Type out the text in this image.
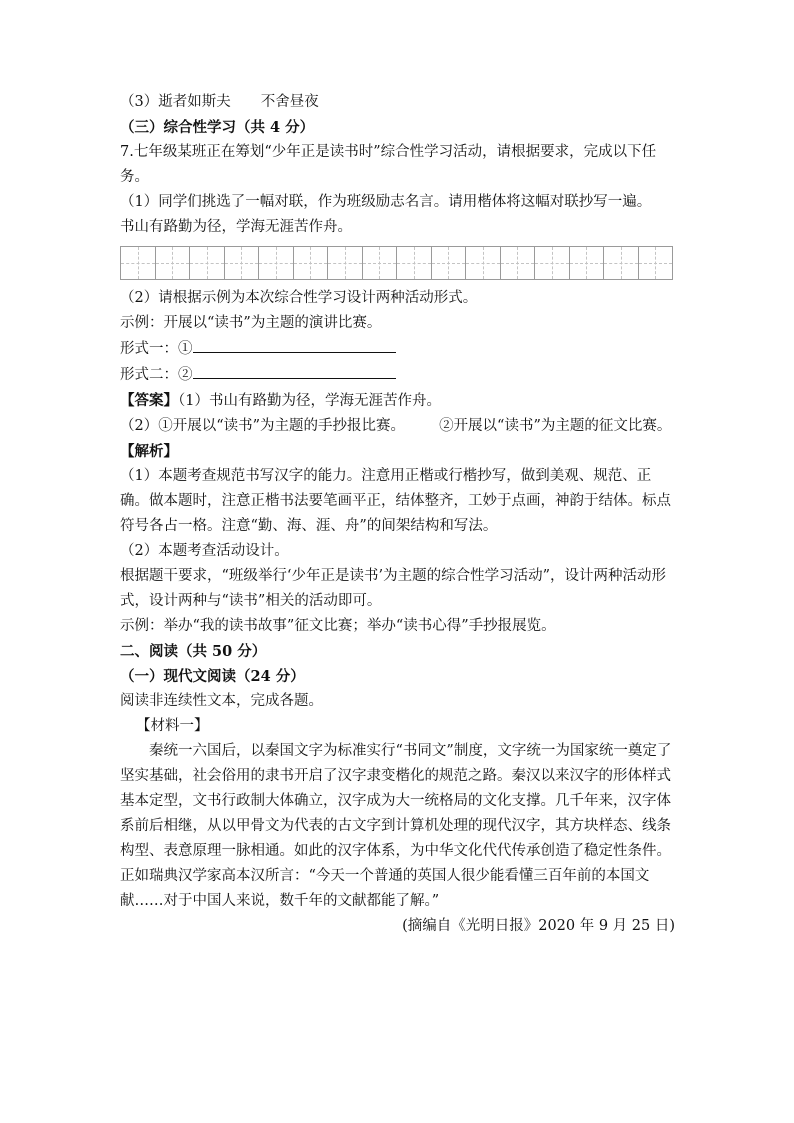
（3）逝者如斯夫 不舍昼夜
（三）综合性学习（共 4 分）
7.七年级某班正在筹划“少年正是读书时”综合性学习活动，请根据要求，完成以下任务。
（1）同学们挑选了一幅对联，作为班级励志名言。请用楷体将这幅对联抄写一遍。
书山有路勤为径，学海无涯苦作舟。
（2）请根据示例为本次综合性学习设计两种活动形式。
示例：开展以“读书”为主题的演讲比赛。
形式一：①
形式二：②
【答案】（1）书山有路勤为径，学海无涯苦作舟。
（2）①开展以“读书”为主题的手抄报比赛。 ②开展以“读书”为主题的征文比赛。
【解析】
（1）本题考查规范书写汉字的能力。注意用正楷或行楷抄写，做到美观、规范、正确。做本题时，注意正楷书法要笔画平正，结体整齐，工妙于点画，神韵于结体。标点符号各占一格。注意“勤、海、涯、舟”的间架结构和写法。
（2）本题考查活动设计。
根据题干要求，“班级举行‘少年正是读书’为主题的综合性学习活动”，设计两种活动形式，设计两种与“读书”相关的活动即可。
示例：举办“我的读书故事”征文比赛；举办“读书心得”手抄报展览。
二、阅读（共 50 分）
（一）现代文阅读（24 分）
阅读非连续性文本，完成各题。
【材料一】
秦统一六国后，以秦国文字为标准实行“书同文”制度，文字统一为国家统一奠定了坚实基础，社会俗用的隶书开启了汉字隶变楷化的规范之路。秦汉以来汉字的形体样式基本定型，文书行政制大体确立，汉字成为大一统格局的文化支撑。几千年来，汉字体系前后相继，从以甲骨文为代表的古文字到计算机处理的现代汉字，其方块样态、线条构型、表意原理一脉相通。如此的汉字体系，为中华文化代代传承创造了稳定性条件。正如瑞典汉学家高本汉所言：“今天一个普通的英国人很少能看懂三百年前的本国文献……对于中国人来说，数千年的文献都能了解。”
(摘编自《光明日报》2020 年 9 月 25 日)
